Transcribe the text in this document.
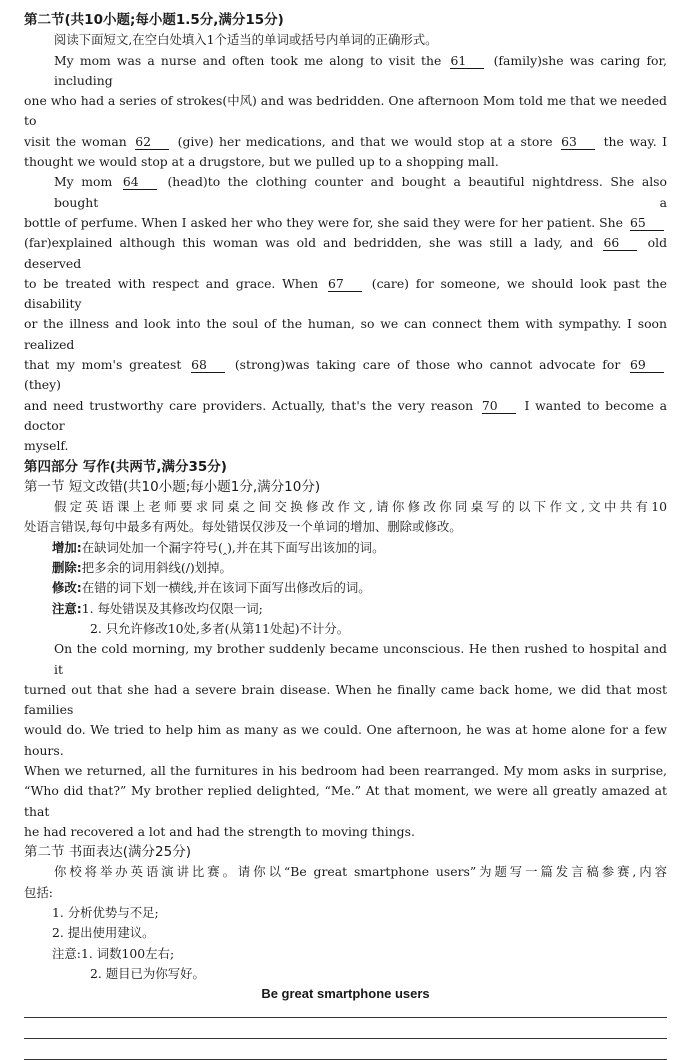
第二节(共10小题;每小题1.5分,满分15分)
阅读下面短文,在空白处填入1个适当的单词或括号内单词的正确形式。
My mom was a nurse and often took me along to visit the 61 (family)she was caring for, including
one who had a series of strokes(中风) and was bedridden. One afternoon Mom told me that we needed to
visit the woman 62 (give) her medications, and that we would stop at a store 63 the way. I
thought we would stop at a drugstore, but we pulled up to a shopping mall.
My mom 64 (head)to the clothing counter and bought a beautiful nightdress. She also bought a
bottle of perfume. When I asked her who they were for, she said they were for her patient. She 65
(far)explained although this woman was old and bedridden, she was still a lady, and 66 old deserved
to be treated with respect and grace. When 67 (care) for someone, we should look past the disability
or the illness and look into the soul of the human, so we can connect them with sympathy. I soon realized
that my mom's greatest 68 (strong)was taking care of those who cannot advocate for 69 (they)
and need trustworthy care providers. Actually, that's the very reason 70 I wanted to become a doctor
myself.
第四部分 写作(共两节,满分35分)
第一节 短文改错(共10小题;每小题1分,满分10分)
假定英语课上老师要求同桌之间交换修改作文,请你修改你同桌写的以下作文,文中共有10
处语言错误,每句中最多有两处。每处错误仅涉及一个单词的增加、删除或修改。
增加:在缺词处加一个漏字符号(‸),并在其下面写出该加的词。
删除:把多余的词用斜线(/)划掉。
修改:在错的词下划一横线,并在该词下面写出修改后的词。
注意:1. 每处错误及其修改均仅限一词;
2. 只允许修改10处,多者(从第11处起)不计分。
On the cold morning, my brother suddenly became unconscious. He then rushed to hospital and it
turned out that she had a severe brain disease. When he finally came back home, we did that most families
would do. We tried to help him as many as we could. One afternoon, he was at home alone for a few hours.
When we returned, all the furnitures in his bedroom had been rearranged. My mom asks in surprise,
“Who did that?” My brother replied delighted, “Me.” At that moment, we were all greatly amazed at that
he had recovered a lot and had the strength to moving things.
第二节 书面表达(满分25分)
你校将举办英语演讲比赛。请你以“Be great smartphone users”为题写一篇发言稿参赛,内容
包括:
1. 分析优势与不足;
2. 提出使用建议。
注意:1. 词数100左右;
2. 题目已为你写好。
Be great smartphone users
